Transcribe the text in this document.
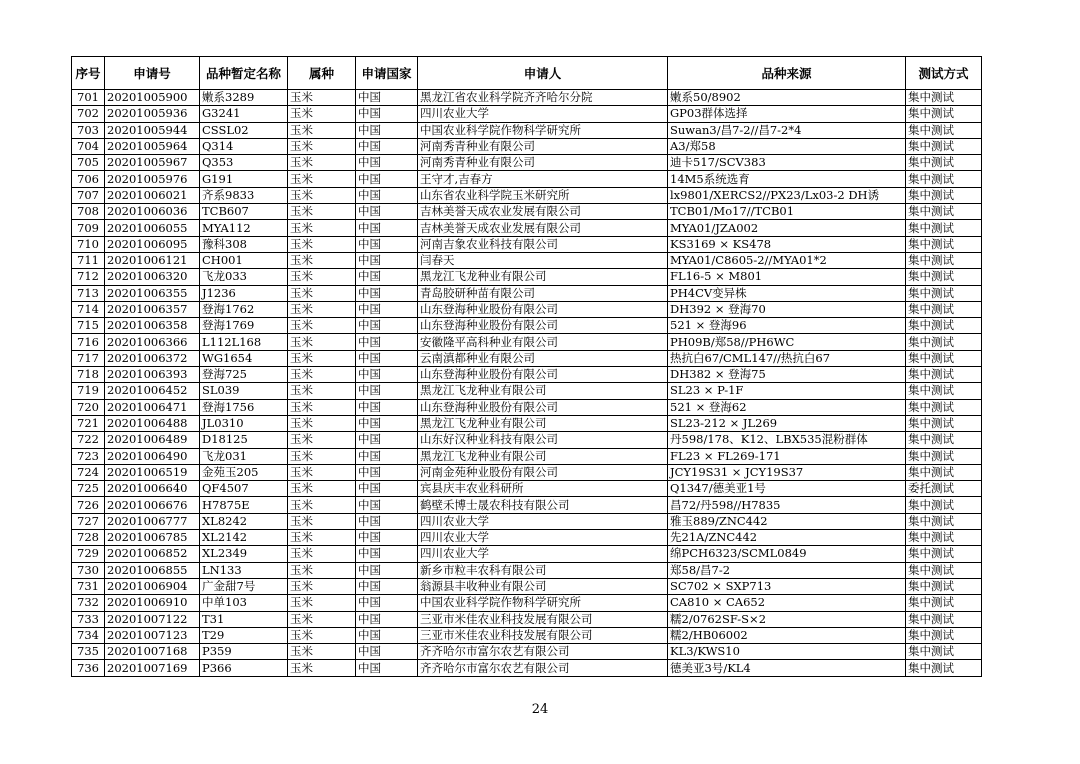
序号	申请号	品种暂定名称	属种	申请国家	申请人	品种来源	测试方式
701	20201005900	嫩系3289	玉米	中国	黑龙江省农业科学院齐齐哈尔分院	嫩系50/8902	集中测试
702	20201005936	G3241	玉米	中国	四川农业大学	GP03群体选择	集中测试
703	20201005944	CSSL02	玉米	中国	中国农业科学院作物科学研究所	Suwan3/昌7-2//昌7-2*4	集中测试
704	20201005964	Q314	玉米	中国	河南秀青种业有限公司	A3/郑58	集中测试
705	20201005967	Q353	玉米	中国	河南秀青种业有限公司	迪卡517/SCV383	集中测试
706	20201005976	G191	玉米	中国	王守才,吉春方	14M5系统选育	集中测试
707	20201006021	齐系9833	玉米	中国	山东省农业科学院玉米研究所	lx9801/XERCS2//PX23/Lx03-2 DH诱	集中测试
708	20201006036	TCB607	玉米	中国	吉林美誉天成农业发展有限公司	TCB01/Mo17//TCB01	集中测试
709	20201006055	MYA112	玉米	中国	吉林美誉天成农业发展有限公司	MYA01/JZA002	集中测试
710	20201006095	豫科308	玉米	中国	河南吉象农业科技有限公司	KS3169 × KS478	集中测试
711	20201006121	CH001	玉米	中国	闫春天	MYA01/C8605-2//MYA01*2	集中测试
712	20201006320	飞龙033	玉米	中国	黑龙江飞龙种业有限公司	FL16-5 × M801	集中测试
713	20201006355	J1236	玉米	中国	青岛胶研种苗有限公司	PH4CV变异株	集中测试
714	20201006357	登海1762	玉米	中国	山东登海种业股份有限公司	DH392 × 登海70	集中测试
715	20201006358	登海1769	玉米	中国	山东登海种业股份有限公司	521 × 登海96	集中测试
716	20201006366	L112L168	玉米	中国	安徽隆平高科种业有限公司	PH09B/郑58//PH6WC	集中测试
717	20201006372	WG1654	玉米	中国	云南滇都种业有限公司	热抗白67/CML147//热抗白67	集中测试
718	20201006393	登海725	玉米	中国	山东登海种业股份有限公司	DH382 × 登海75	集中测试
719	20201006452	SL039	玉米	中国	黑龙江飞龙种业有限公司	SL23 × P-1F	集中测试
720	20201006471	登海1756	玉米	中国	山东登海种业股份有限公司	521 × 登海62	集中测试
721	20201006488	JL0310	玉米	中国	黑龙江飞龙种业有限公司	SL23-212 × JL269	集中测试
722	20201006489	D18125	玉米	中国	山东好汉种业科技有限公司	丹598/178、K12、LBX535混粉群体	集中测试
723	20201006490	飞龙031	玉米	中国	黑龙江飞龙种业有限公司	FL23 × FL269-171	集中测试
724	20201006519	金苑玉205	玉米	中国	河南金苑种业股份有限公司	JCY19S31 × JCY19S37	集中测试
725	20201006640	QF4507	玉米	中国	宾县庆丰农业科研所	Q1347/德美亚1号	委托测试
726	20201006676	H7875E	玉米	中国	鹤壁禾博士晟农科技有限公司	昌72/丹598//H7835	集中测试
727	20201006777	XL8242	玉米	中国	四川农业大学	雅玉889/ZNC442	集中测试
728	20201006785	XL2142	玉米	中国	四川农业大学	先21A/ZNC442	集中测试
729	20201006852	XL2349	玉米	中国	四川农业大学	绵PCH6323/SCML0849	集中测试
730	20201006855	LN133	玉米	中国	新乡市粒丰农科有限公司	郑58/昌7-2	集中测试
731	20201006904	广金甜7号	玉米	中国	翁源县丰收种业有限公司	SC702 × SXP713	集中测试
732	20201006910	中单103	玉米	中国	中国农业科学院作物科学研究所	CA810 × CA652	集中测试
733	20201007122	T31	玉米	中国	三亚市米佳农业科技发展有限公司	糯2/0762SF-S×2	集中测试
734	20201007123	T29	玉米	中国	三亚市米佳农业科技发展有限公司	糯2/HB06002	集中测试
735	20201007168	P359	玉米	中国	齐齐哈尔市富尔农艺有限公司	KL3/KWS10	集中测试
736	20201007169	P366	玉米	中国	齐齐哈尔市富尔农艺有限公司	德美亚3号/KL4	集中测试
24
